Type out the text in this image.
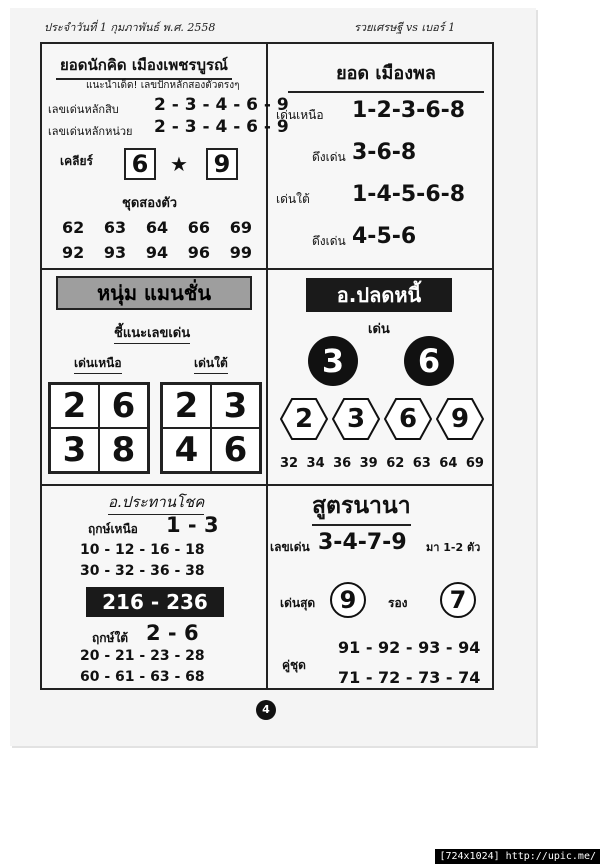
ประจำวันที่ 1 กุมภาพันธ์ พ.ศ. 2558	รวยเศรษฐี vs เบอร์ 1
ยอดนักคิด เมืองเพชรบูรณ์
แนะนำเด็ด! เลขปักหลักสองตัวตรงๆ
เลขเด่นหลักสิบ 2 - 3 - 4 - 6 - 9
เลขเด่นหลักหน่วย 2 - 3 - 4 - 6 - 9
เคลียร์	6	★	9
ชุดสองตัว
62 63 64 66 69
92 93 94 96 99
ยอด เมืองพล
เด่นเหนือ 1-2-3-6-8
ดึงเด่น 3-6-8
เด่นใต้ 1-4-5-6-8
ดึงเด่น 4-5-6
หนุ่ม แมนชั่น
ชี้แนะเลขเด่น
เด่นเหนือ	เด่นใต้
2 6
3 8
2 3
4 6
อ.ปลดหนี้
เด่น
3	6
2	3	6	9
32 34 36 39 62 63 64 69
อ.ประทานโชค
ฤกษ์เหนือ 1 - 3
10 - 12 - 16 - 18
30 - 32 - 36 - 38
216 - 236
ฤกษ์ใต้ 2 - 6
20 - 21 - 23 - 28
60 - 61 - 63 - 68
สูตรนานา
เลขเด่น 3-4-7-9 มา 1-2 ตัว
เด่นสุด	9	รอง	7
91 - 92 - 93 - 94
คู่ชุด
71 - 72 - 73 - 74
4
[724x1024] http://upic.me/
